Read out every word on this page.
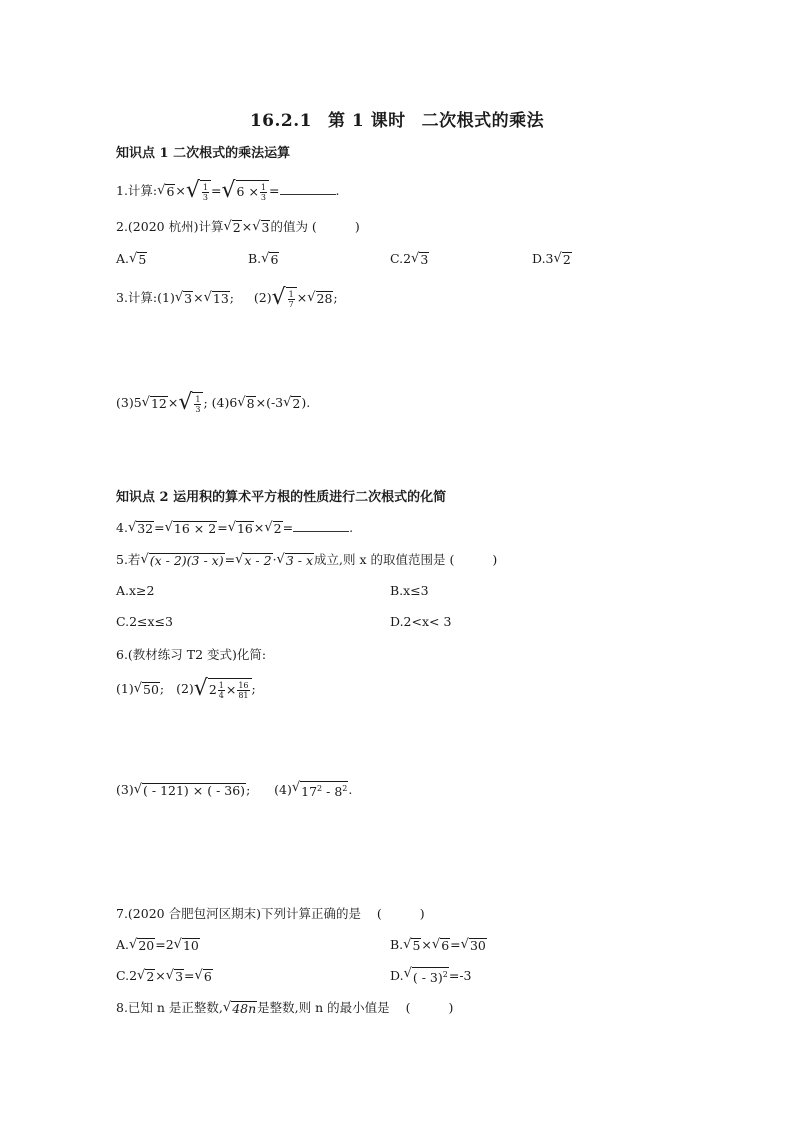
16.2.1 第 1 课时 二次根式的乘法
知识点 1 二次根式的乘法运算
1.计算: √ 6 × √ $\frac{1}{3}$ = √ $6 \times \frac{1}{3}$ =	.
2.(2020 杭州)计算 √ 2 × √ 3 的值为 (	)
A. √ 5	B. √ 6	C.2 √ 3	D.3 √ 2
3.计算:(1) √ 3 × √ 13 ;     (2) √ $\frac{1}{7}$ × √ 28 ;
(3)5 √ 12 × √ $\frac{1}{3}$ ; (4)6 √ 8 ×(-3 √ 2 ).
知识点 2 运用积的算术平方根的性质进行二次根式的化简
4. √ 32 = √ 16 × 2 = √ 16 × √ 2 =	.
5.若 √ (x - 2)(3 - x) = √ x - 2 · √ 3 - x 成立,则 x 的取值范围是 (	)
A.x≥2	B.x≤3
C.2≤x≤3	D.2<x< 3
6.(教材练习 T2 变式)化简:
(1) √ 50 ;   (2) √ $2 \frac{1}{4} \times \frac{16}{81}$ ;
(3) √ ( - 121) × ( - 36) ;      (4) √ $17^2 - 8^2$ .
7.(2020 合肥包河区期末)下列计算正确的是 (	)
A. √ 20 =2 √ 10	B. √ 5 × √ 6 = √ 30
C.2 √ 2 × √ 3 = √ 6	D. √ ( - 3)$^2$ =-3
8.已知 n 是正整数, √ 48n 是整数,则 n 的最小值是 (	)
